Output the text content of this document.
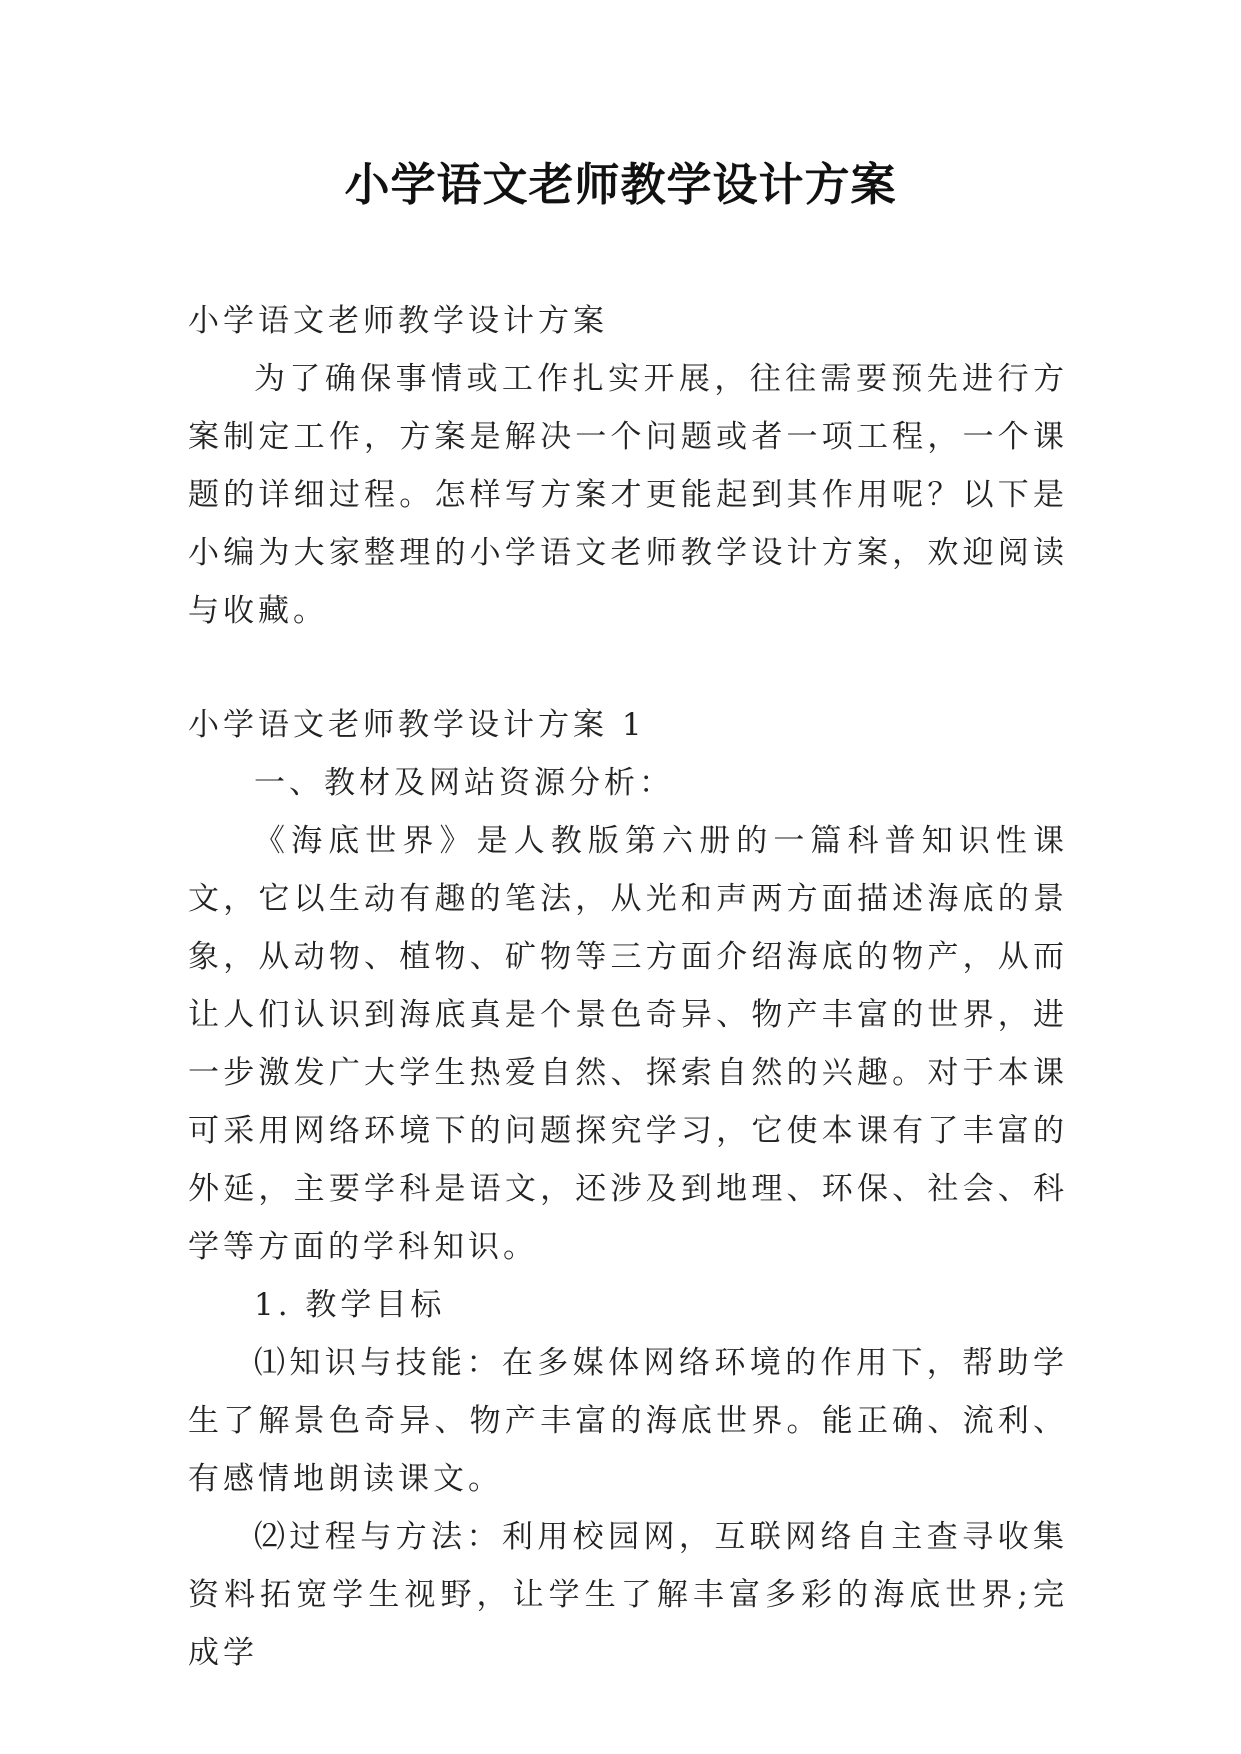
小学语文老师教学设计方案

小学语文老师教学设计方案

为了确保事情或工作扎实开展，往往需要预先进行方案制定工作，方案是解决一个问题或者一项工程，一个课题的详细过程。怎样写方案才更能起到其作用呢？以下是小编为大家整理的小学语文老师教学设计方案，欢迎阅读与收藏。

小学语文老师教学设计方案 1

一、教材及网站资源分析：

《海底世界》是人教版第六册的一篇科普知识性课文，它以生动有趣的笔法，从光和声两方面描述海底的景象，从动物、植物、矿物等三方面介绍海底的物产，从而让人们认识到海底真是个景色奇异、物产丰富的世界，进一步激发广大学生热爱自然、探索自然的兴趣。对于本课可采用网络环境下的问题探究学习，它使本课有了丰富的外延，主要学科是语文，还涉及到地理、环保、社会、科学等方面的学科知识。

1. 教学目标

⑴知识与技能：在多媒体网络环境的作用下，帮助学生了解景色奇异、物产丰富的海底世界。能正确、流利、有感情地朗读课文。

⑵过程与方法：利用校园网，互联网络自主查寻收集资料拓宽学生视野，让学生了解丰富多彩的海底世界;完成学
